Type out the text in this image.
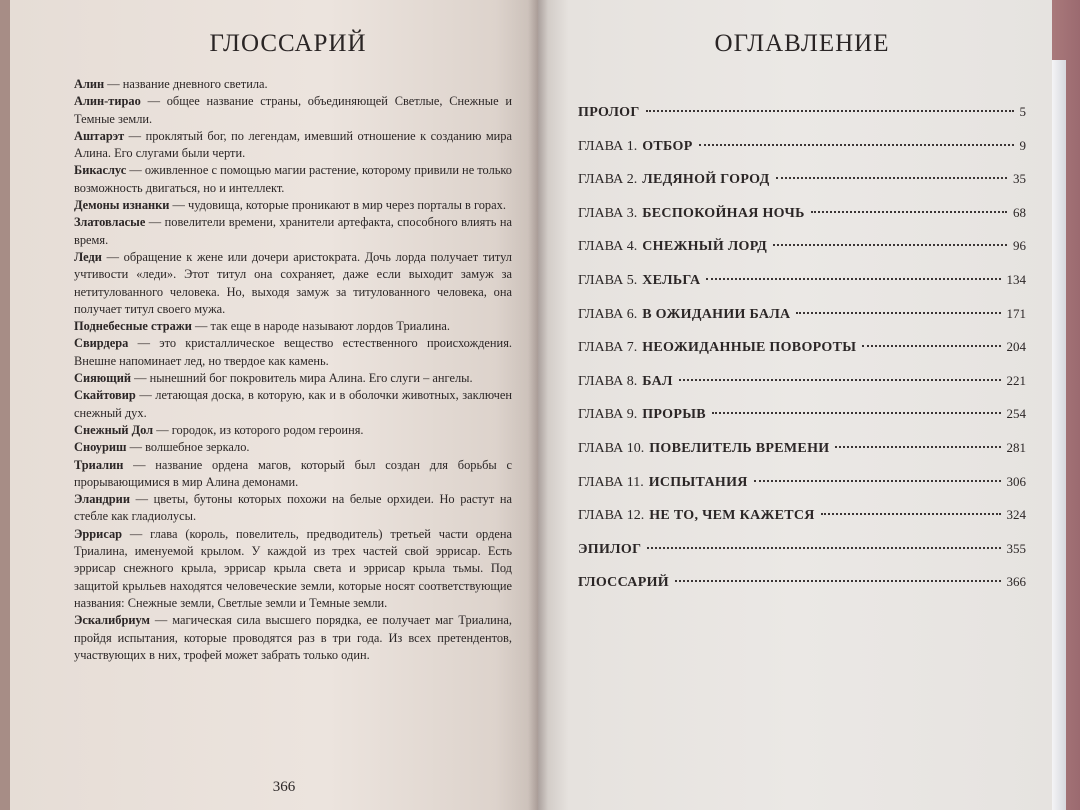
ГЛОССАРИЙ
Алин — название дневного светила.
Алин-тирао — общее название страны, объединяющей Светлые, Снежные и Темные земли.
Аштарэт — проклятый бог, по легендам, имевший отношение к созданию мира Алина. Его слугами были черти.
Бикаслус — оживленное с помощью магии растение, которому привили не только возможность двигаться, но и интеллект.
Демоны изнанки — чудовища, которые проникают в мир через порталы в горах.
Златовласые — повелители времени, хранители артефакта, способного влиять на время.
Леди — обращение к жене или дочери аристократа. Дочь лорда получает титул учтивости «леди». Этот титул она сохраняет, даже если выходит замуж за нетитулованного человека. Но, выходя замуж за титулованного человека, она получает титул своего мужа.
Поднебесные стражи — так еще в народе называют лордов Триалина.
Свирдера — это кристаллическое вещество естественного происхождения. Внешне напоминает лед, но твердое как камень.
Сияющий — нынешний бог покровитель мира Алина. Его слуги – ангелы.
Скайтовир — летающая доска, в которую, как и в оболочки животных, заключен снежный дух.
Снежный Дол — городок, из которого родом героиня.
Сноуриш — волшебное зеркало.
Триалин — название ордена магов, который был создан для борьбы с прорывающимися в мир Алина демонами.
Эландрии — цветы, бутоны которых похожи на белые орхидеи. Но растут на стебле как гладиолусы.
Эррисар — глава (король, повелитель, предводитель) третьей части ордена Триалина, именуемой крылом. У каждой из трех частей свой эррисар. Есть эррисар снежного крыла, эррисар крыла света и эррисар крыла тьмы. Под защитой крыльев находятся человеческие земли, которые носят соответствующие названия: Снежные земли, Светлые земли и Темные земли.
Эскалибриум — магическая сила высшего порядка, ее получает маг Триалина, пройдя испытания, которые проводятся раз в три года. Из всех претендентов, участвующих в них, трофей может забрать только один.
366
ОГЛАВЛЕНИЕ
ПРОЛОГ	5
ГЛАВА 1. ОТБОР	9
ГЛАВА 2. ЛЕДЯНОЙ ГОРОД	35
ГЛАВА 3. БЕСПОКОЙНАЯ НОЧЬ	68
ГЛАВА 4. СНЕЖНЫЙ ЛОРД	96
ГЛАВА 5. ХЕЛЬГА	134
ГЛАВА 6. В ОЖИДАНИИ БАЛА	171
ГЛАВА 7. НЕОЖИДАННЫЕ ПОВОРОТЫ	204
ГЛАВА 8. БАЛ	221
ГЛАВА 9. ПРОРЫВ	254
ГЛАВА 10. ПОВЕЛИТЕЛЬ ВРЕМЕНИ	281
ГЛАВА 11. ИСПЫТАНИЯ	306
ГЛАВА 12. НЕ ТО, ЧЕМ КАЖЕТСЯ	324
ЭПИЛОГ	355
ГЛОССАРИЙ	366
